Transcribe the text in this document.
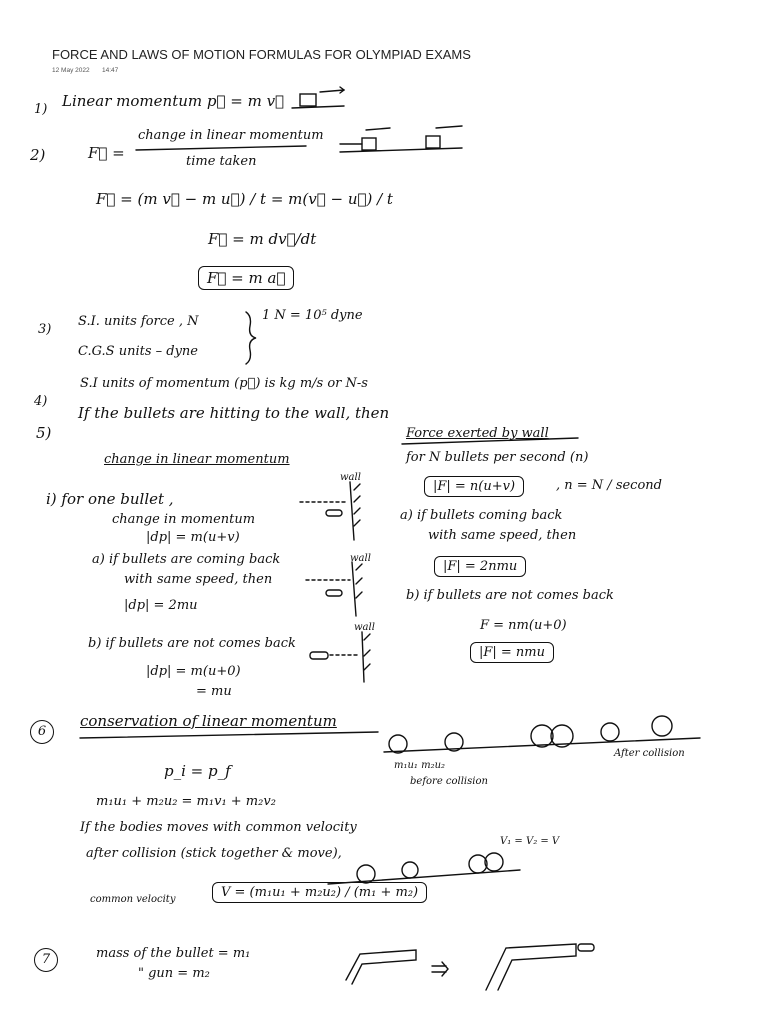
FORCE AND LAWS OF MOTION FORMULAS FOR OLYMPIAD EXAMS
12 May 2022 14:47
1) Linear momentum p⃗ = m v⃗
2)	F⃗ =
change in linear momentum
time taken
F⃗ = (m v⃗ − m u⃗) / t = m(v⃗ − u⃗) / t
F⃗ = m dv⃗/dt
F⃗ = m a⃗
3)
S.I. units force , N
C.G.S units – dyne
1 N = 10⁵ dyne
4)
S.I units of momentum (p⃗) is kg m/s or N-s
5)
If the bullets are hitting to the wall, then
change in linear momentum
i) for one bullet ,
change in momentum
|dp| = m(u+v)
a) if bullets are coming back
with same speed, then
|dp| = 2mu
b) if bullets are not comes back
|dp| = m(u+0)
= mu
wall
wall
wall
Force exerted by wall
for N bullets per second (n)
|F| = n(u+v)	, n = N / second
a) if bullets coming back
with same speed, then
|F| = 2nmu
b) if bullets are not comes back
F = nm(u+0)
|F| = nmu
6
conservation of linear momentum
p_i = p_f
m₁u₁ + m₂u₂ = m₁v₁ + m₂v₂
m₁u₁ m₂u₂
before collision
After collision
If the bodies moves with common velocity
after collision (stick together & move),
common velocity	V = (m₁u₁ + m₂u₂) / (m₁ + m₂)
V₁ = V₂ = V
7	mass of the bullet = m₁
" gun = m₂
